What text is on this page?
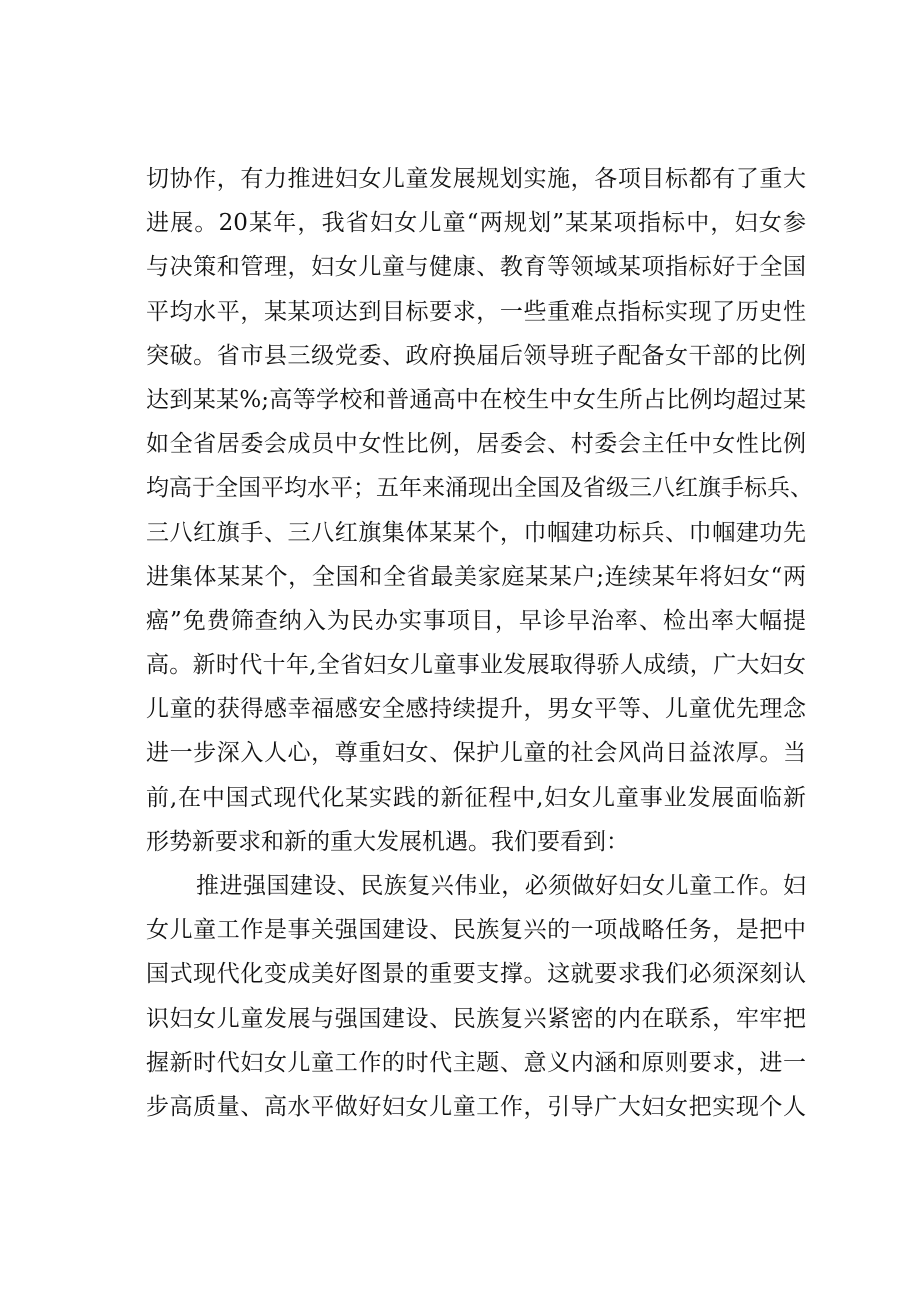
切协作，有力推进妇女儿童发展规划实施，各项目标都有了重大
进展。20某年，我省妇女儿童“两规划”某某项指标中，妇女参
与决策和管理，妇女儿童与健康、教育等领域某项指标好于全国
平均水平，某某项达到目标要求，一些重难点指标实现了历史性
突破。省市县三级党委、政府换届后领导班子配备女干部的比例
达到某某%;高等学校和普通高中在校生中女生所占比例均超过某
如全省居委会成员中女性比例，居委会、村委会主任中女性比例
均高于全国平均水平；五年来涌现出全国及省级三八红旗手标兵、
三八红旗手、三八红旗集体某某个，巾帼建功标兵、巾帼建功先
进集体某某个，全国和全省最美家庭某某户;连续某年将妇女“两
癌”免费筛查纳入为民办实事项目，早诊早治率、检出率大幅提
高。新时代十年,全省妇女儿童事业发展取得骄人成绩，广大妇女
儿童的获得感幸福感安全感持续提升，男女平等、儿童优先理念
进一步深入人心，尊重妇女、保护儿童的社会风尚日益浓厚。当
前,在中国式现代化某实践的新征程中,妇女儿童事业发展面临新
形势新要求和新的重大发展机遇。我们要看到：
推进强国建设、民族复兴伟业，必须做好妇女儿童工作。妇
女儿童工作是事关强国建设、民族复兴的一项战略任务，是把中
国式现代化变成美好图景的重要支撑。这就要求我们必须深刻认
识妇女儿童发展与强国建设、民族复兴紧密的内在联系，牢牢把
握新时代妇女儿童工作的时代主题、意义内涵和原则要求，进一
步高质量、高水平做好妇女儿童工作，引导广大妇女把实现个人
